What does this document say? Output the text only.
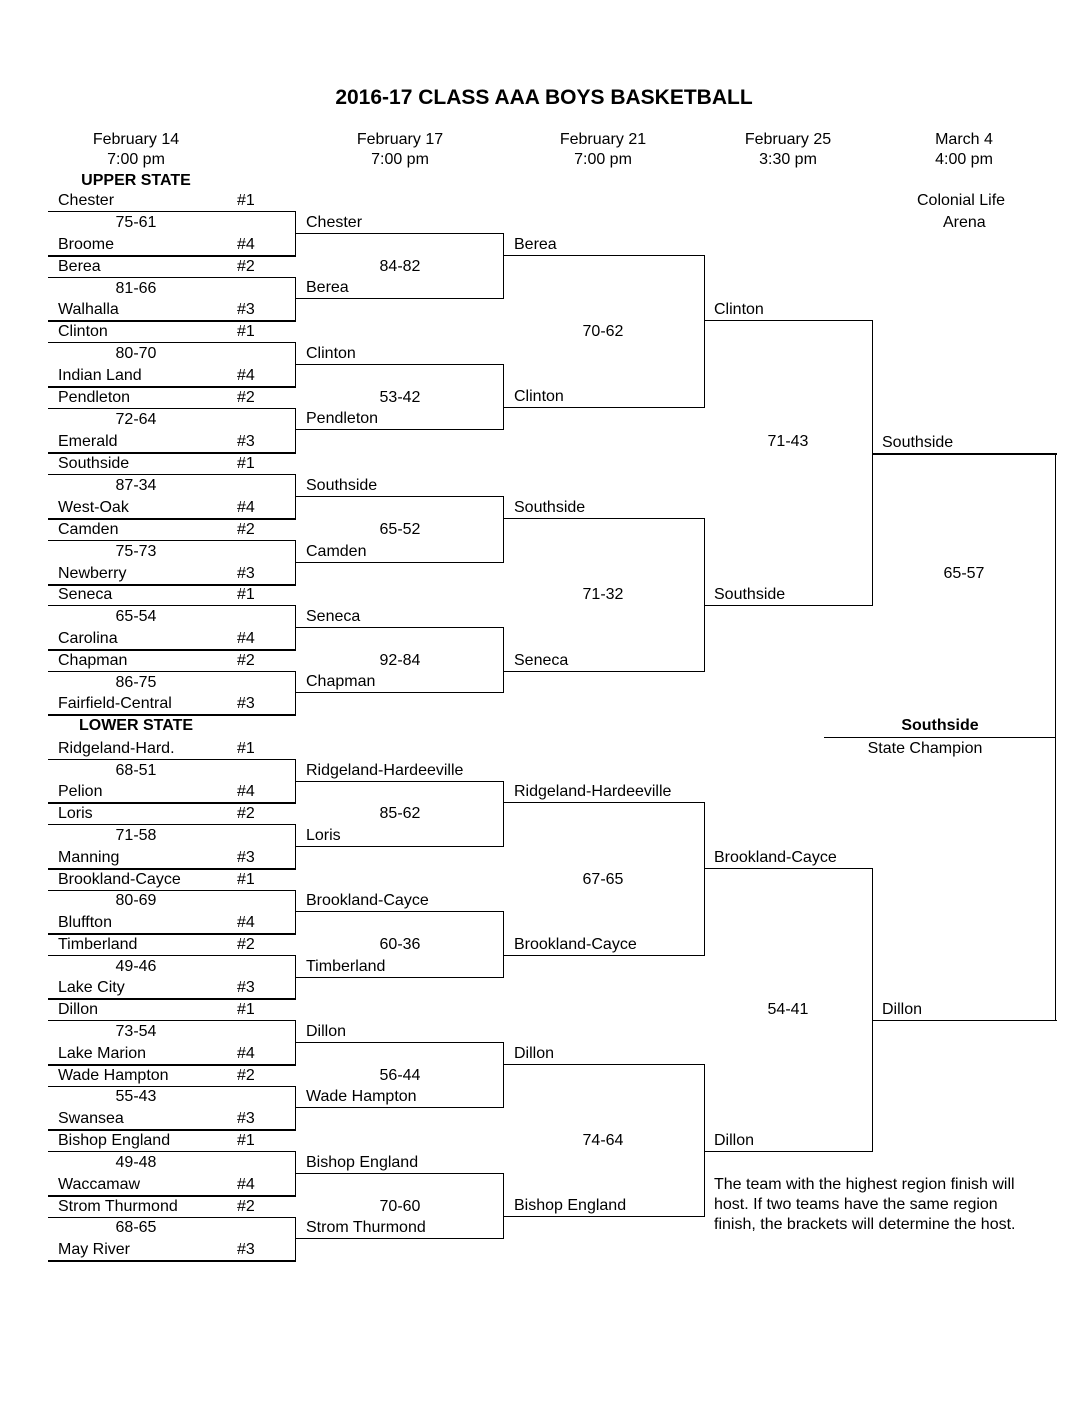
2016-17 CLASS AAA BOYS BASKETBALL
February 14
7:00 pm
February 17
7:00 pm
February 21
7:00 pm
February 25
3:30 pm
March 4
4:00 pm
Chester	#1
75-61
Broome	#4
Berea	#2
81-66
Walhalla	#3
Clinton	#1
80-70
Indian Land	#4
Pendleton	#2
72-64
Emerald	#3
Southside	#1
87-34
West-Oak	#4
Camden	#2
75-73
Newberry	#3
Seneca	#1
65-54
Carolina	#4
Chapman	#2
86-75
Fairfield-Central	#3
Ridgeland-Hard.	#1
68-51
Pelion	#4
Loris	#2
71-58
Manning	#3
Brookland-Cayce	#1
80-69
Bluffton	#4
Timberland	#2
49-46
Lake City	#3
Dillon	#1
73-54
Lake Marion	#4
Wade Hampton	#2
55-43
Swansea	#3
Bishop England	#1
49-48
Waccamaw	#4
Strom Thurmond	#2
68-65
May River	#3
Chester
Berea
Clinton
Pendleton
Southside
Camden
Seneca
Chapman
Ridgeland-Hardeeville
Loris
Brookland-Cayce
Timberland
Dillon
Wade Hampton
Bishop England
Strom Thurmond
84-82
53-42
65-52
92-84
85-62
60-36
56-44
70-60
Berea
Clinton
Southside
Seneca
Ridgeland-Hardeeville
Brookland-Cayce
Dillon
Bishop England
70-62
71-32
67-65
74-64
Clinton
Southside
Brookland-Cayce
Dillon
71-43
54-41
Southside
Dillon
65-57
Colonial Life
Arena
UPPER STATE
LOWER STATE	Southside
State Champion
The team with the highest region finish will
host. If two teams have the same region
finish, the brackets will determine the host.
